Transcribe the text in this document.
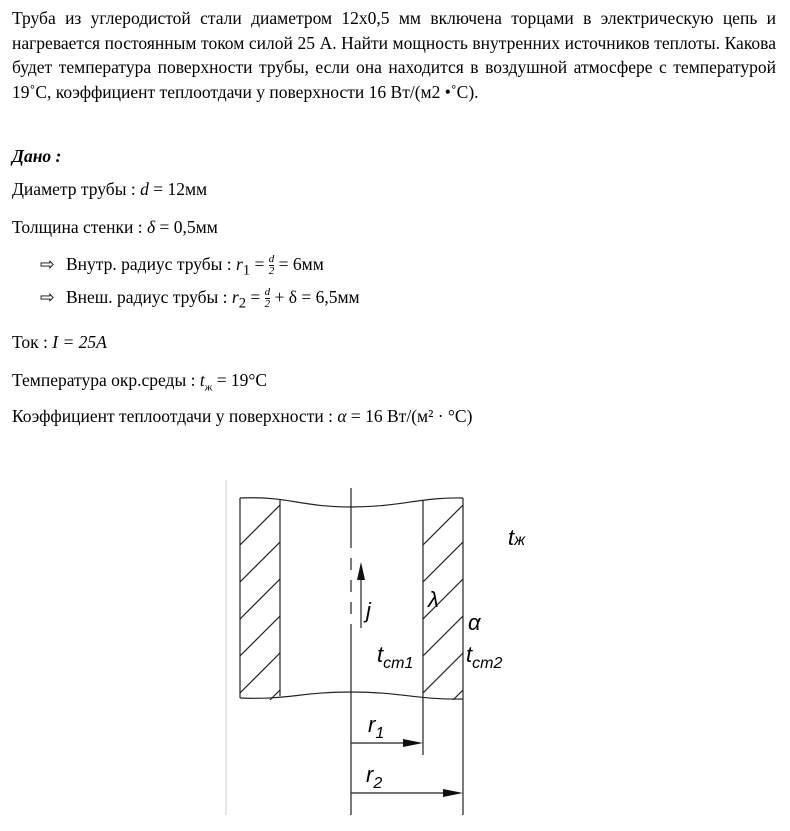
Труба из углеродистой стали диаметром 12x0,5 мм включена торцами в электрическую цепь и нагревается постоянным током силой 25 А. Найти мощность внутренних источников теплоты. Какова будет температура поверхности трубы, если она находится в воздушной атмосфере с температурой 19˚С, коэффициент теплоотдачи у поверхности 16 Вт/(м2 •˚С).
Дано :
Диаметр трубы : d = 12мм
Толщина стенки : δ = 0,5мм
⇨ Внутр. радиус трубы : $r_1 = \frac{d}{2} = 6мм$
⇨ Внеш. радиус трубы : $r_2 = \frac{d}{2} + \delta = 6,5мм$
Ток : I = 25A
Температура окр.среды : $t_ж = 19^\circ C$
Коэффициент теплоотдачи у поверхности : α = 16 Вт/(м² · °C)
tж
j	λ
α
$t_{cm1}$ $t_{cm2}$
$r_1$
$r_2$
